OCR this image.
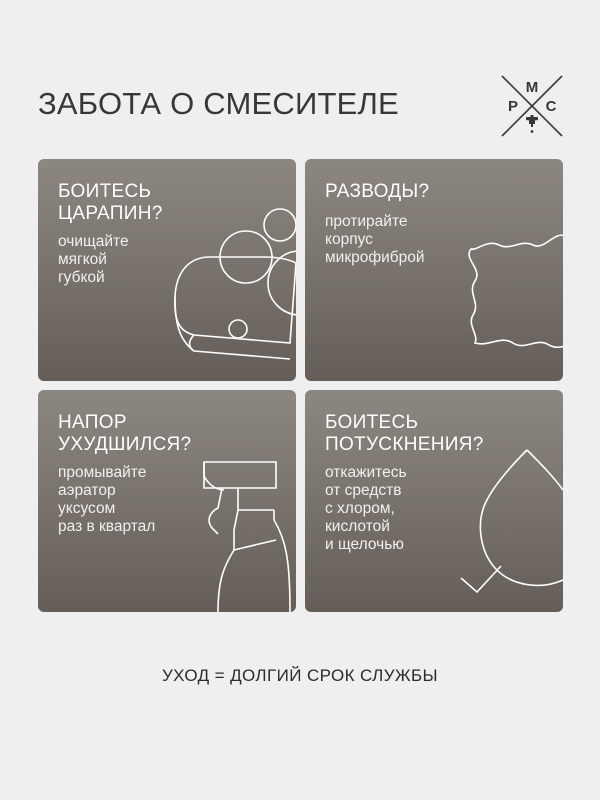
ЗАБОТА О СМЕСИТЕЛЕ	М
Р С
БОИТЕСЬ
ЦАРАПИН?

очищайте
мягкой
губкой

РАЗВОДЫ?

протирайте
корпус
микрофиброй

НАПОР
УХУДШИЛСЯ?

промывайте
аэратор
уксусом
раз в квартал

БОИТЕСЬ
ПОТУСКНЕНИЯ?

откажитесь
от средств
с хлором,
кислотой
и щелочью

УХОД = ДОЛГИЙ СРОК СЛУЖБЫ
